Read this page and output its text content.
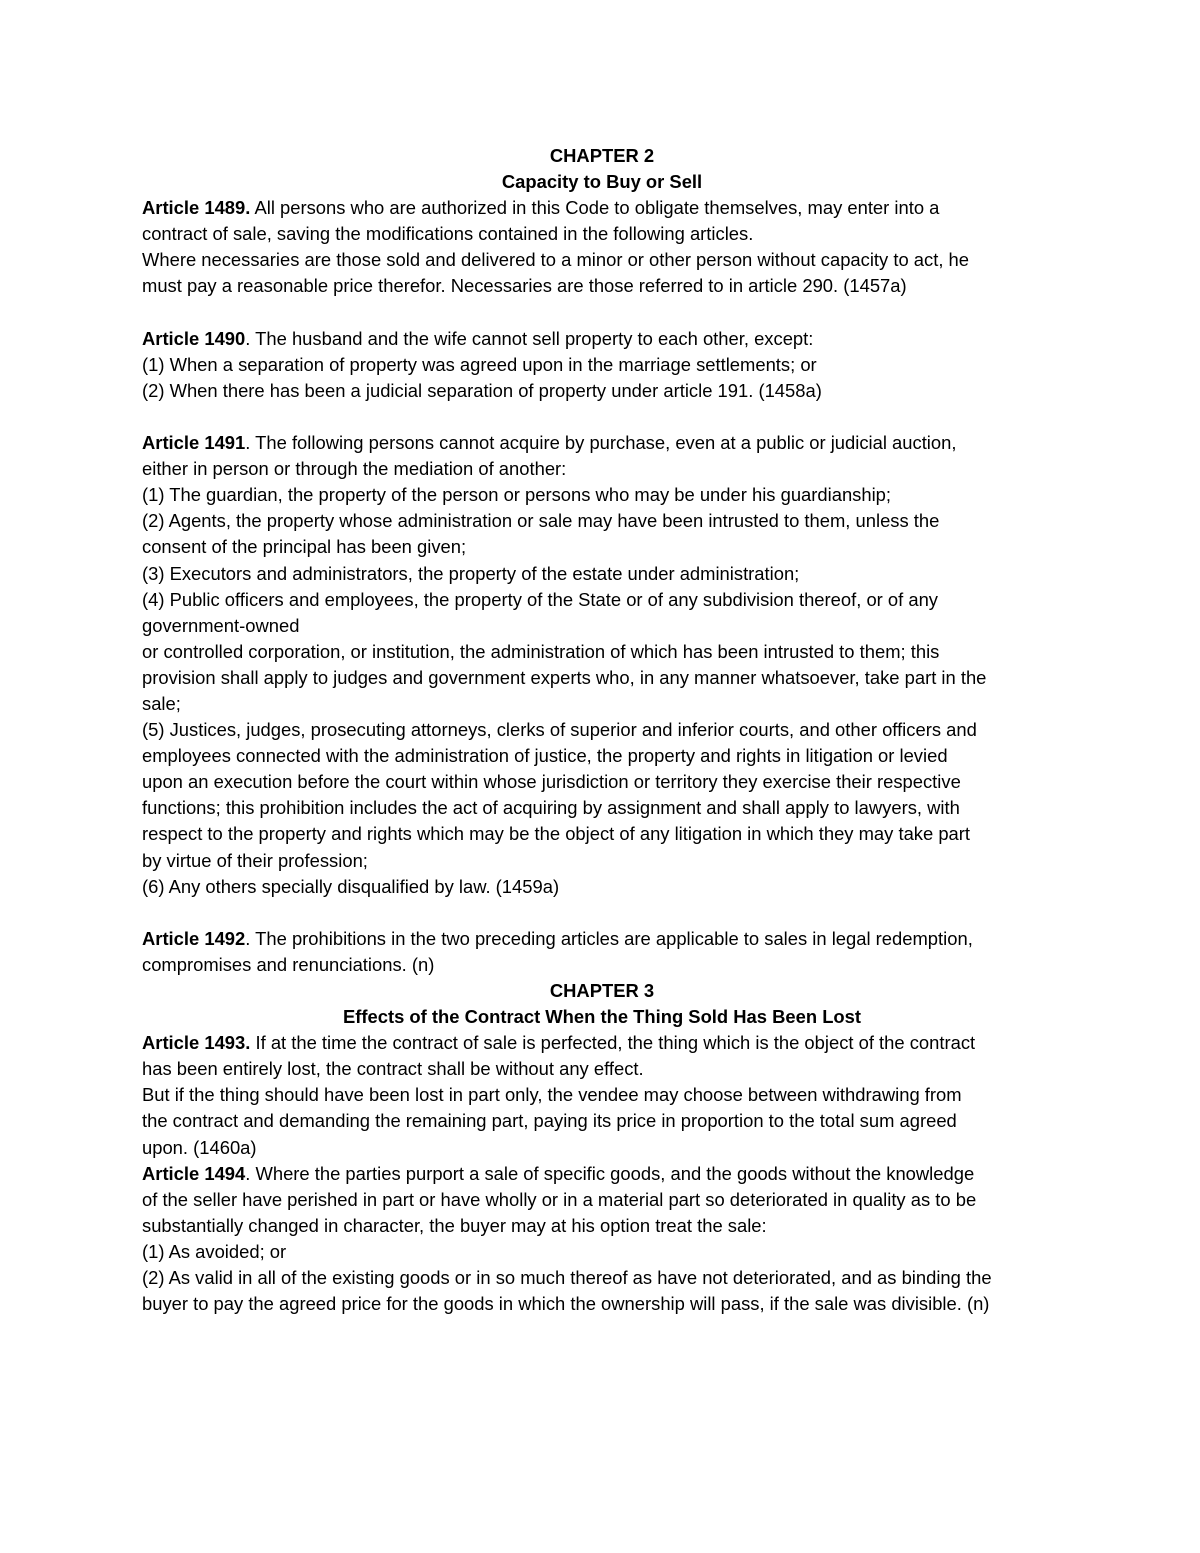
CHAPTER 2
Capacity to Buy or Sell
Article 1489. All persons who are authorized in this Code to obligate themselves, may enter into a
contract of sale, saving the modifications contained in the following articles.
Where necessaries are those sold and delivered to a minor or other person without capacity to act, he
must pay a reasonable price therefor. Necessaries are those referred to in article 290. (1457a)
Article 1490. The husband and the wife cannot sell property to each other, except:
(1) When a separation of property was agreed upon in the marriage settlements; or
(2) When there has been a judicial separation of property under article 191. (1458a)
Article 1491. The following persons cannot acquire by purchase, even at a public or judicial auction,
either in person or through the mediation of another:
(1) The guardian, the property of the person or persons who may be under his guardianship;
(2) Agents, the property whose administration or sale may have been intrusted to them, unless the
consent of the principal has been given;
(3) Executors and administrators, the property of the estate under administration;
(4) Public officers and employees, the property of the State or of any subdivision thereof, or of any
government-owned
or controlled corporation, or institution, the administration of which has been intrusted to them; this
provision shall apply to judges and government experts who, in any manner whatsoever, take part in the
sale;
(5) Justices, judges, prosecuting attorneys, clerks of superior and inferior courts, and other officers and
employees connected with the administration of justice, the property and rights in litigation or levied
upon an execution before the court within whose jurisdiction or territory they exercise their respective
functions; this prohibition includes the act of acquiring by assignment and shall apply to lawyers, with
respect to the property and rights which may be the object of any litigation in which they may take part
by virtue of their profession;
(6) Any others specially disqualified by law. (1459a)
Article 1492. The prohibitions in the two preceding articles are applicable to sales in legal redemption,
compromises and renunciations. (n)
CHAPTER 3
Effects of the Contract When the Thing Sold Has Been Lost
Article 1493. If at the time the contract of sale is perfected, the thing which is the object of the contract
has been entirely lost, the contract shall be without any effect.
But if the thing should have been lost in part only, the vendee may choose between withdrawing from
the contract and demanding the remaining part, paying its price in proportion to the total sum agreed
upon. (1460a)
Article 1494. Where the parties purport a sale of specific goods, and the goods without the knowledge
of the seller have perished in part or have wholly or in a material part so deteriorated in quality as to be
substantially changed in character, the buyer may at his option treat the sale:
(1) As avoided; or
(2) As valid in all of the existing goods or in so much thereof as have not deteriorated, and as binding the
buyer to pay the agreed price for the goods in which the ownership will pass, if the sale was divisible. (n)
